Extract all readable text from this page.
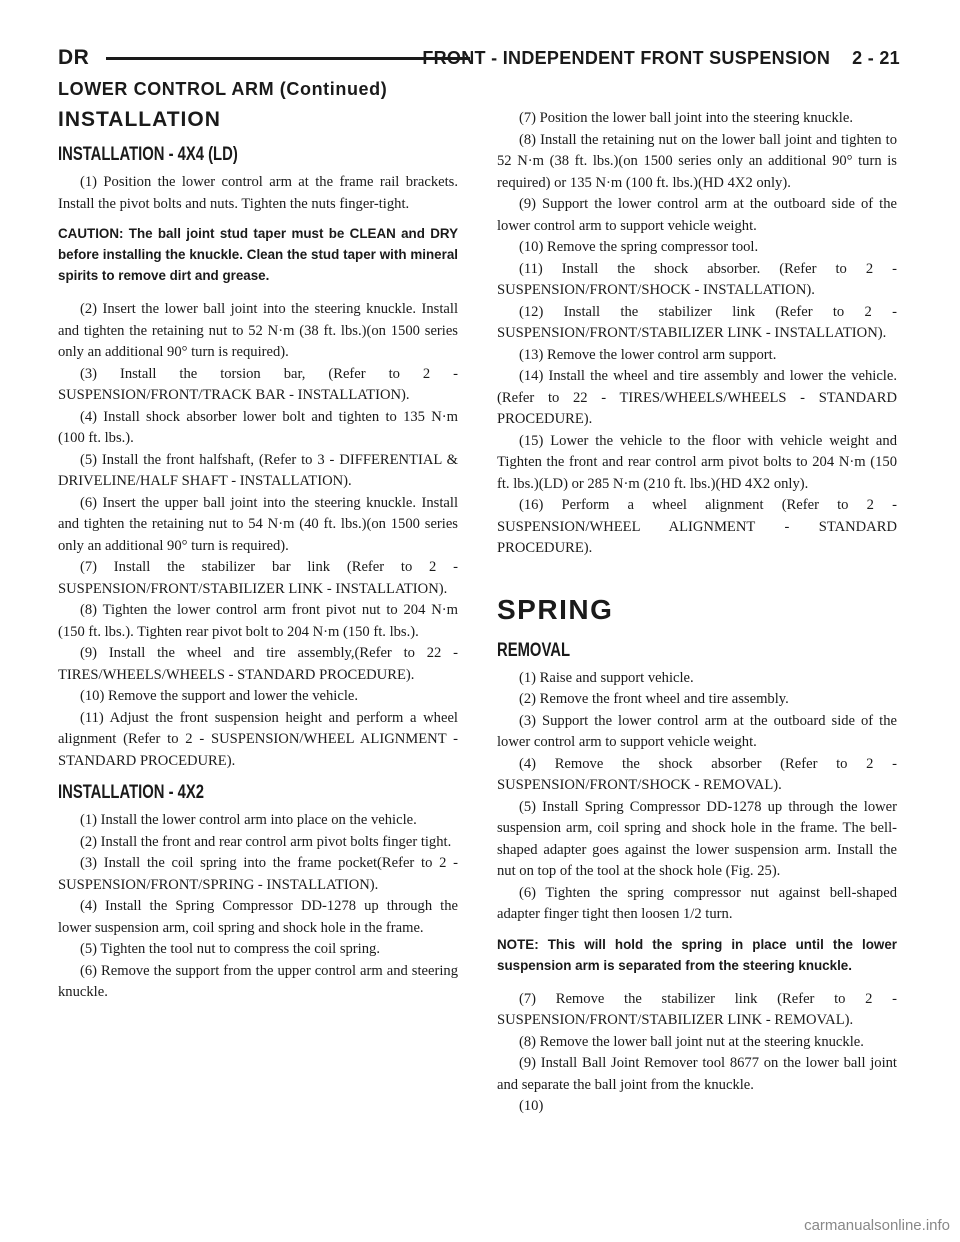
DR	FRONT - INDEPENDENT FRONT SUSPENSION 2 - 21
LOWER CONTROL ARM (Continued)
INSTALLATION
INSTALLATION - 4X4 (LD)

(1) Position the lower control arm at the frame rail brackets. Install the pivot bolts and nuts. Tighten the nuts finger-tight.

CAUTION: The ball joint stud taper must be CLEAN and DRY before installing the knuckle. Clean the stud taper with mineral spirits to remove dirt and grease.

(2) Insert the lower ball joint into the steering knuckle. Install and tighten the retaining nut to 52 N·m (38 ft. lbs.)(on 1500 series only an additional 90° turn is required).

(3) Install the torsion bar, (Refer to 2 - SUSPENSION/FRONT/TRACK BAR - INSTALLATION).

(4) Install shock absorber lower bolt and tighten to 135 N·m (100 ft. lbs.).

(5) Install the front halfshaft, (Refer to 3 - DIFFERENTIAL & DRIVELINE/HALF SHAFT - INSTALLATION).

(6) Insert the upper ball joint into the steering knuckle. Install and tighten the retaining nut to 54 N·m (40 ft. lbs.)(on 1500 series only an additional 90° turn is required).

(7) Install the stabilizer bar link (Refer to 2 - SUSPENSION/FRONT/STABILIZER LINK - INSTALLATION).

(8) Tighten the lower control arm front pivot nut to 204 N·m (150 ft. lbs.). Tighten rear pivot bolt to 204 N·m (150 ft. lbs.).

(9) Install the wheel and tire assembly,(Refer to 22 - TIRES/WHEELS/WHEELS - STANDARD PROCEDURE).

(10) Remove the support and lower the vehicle.

(11) Adjust the front suspension height and perform a wheel alignment (Refer to 2 - SUSPENSION/WHEEL ALIGNMENT - STANDARD PROCEDURE).

INSTALLATION - 4X2

(1) Install the lower control arm into place on the vehicle.

(2) Install the front and rear control arm pivot bolts finger tight.

(3) Install the coil spring into the frame pocket(Refer to 2 - SUSPENSION/FRONT/SPRING - INSTALLATION).

(4) Install the Spring Compressor DD-1278 up through the lower suspension arm, coil spring and shock hole in the frame.

(5) Tighten the tool nut to compress the coil spring.

(6) Remove the support from the upper control arm and steering knuckle.

(7) Position the lower ball joint into the steering knuckle.

(8) Install the retaining nut on the lower ball joint and tighten to 52 N·m (38 ft. lbs.)(on 1500 series only an additional 90° turn is required) or 135 N·m (100 ft. lbs.)(HD 4X2 only).

(9) Support the lower control arm at the outboard side of the lower control arm to support vehicle weight.

(10) Remove the spring compressor tool.

(11) Install the shock absorber. (Refer to 2 - SUSPENSION/FRONT/SHOCK - INSTALLATION).

(12) Install the stabilizer link (Refer to 2 - SUSPENSION/FRONT/STABILIZER LINK - INSTALLATION).

(13) Remove the lower control arm support.

(14) Install the wheel and tire assembly and lower the vehicle. (Refer to 22 - TIRES/WHEELS/WHEELS - STANDARD PROCEDURE).

(15) Lower the vehicle to the floor with vehicle weight and Tighten the front and rear control arm pivot bolts to 204 N·m (150 ft. lbs.)(LD) or 285 N·m (210 ft. lbs.)(HD 4X2 only).

(16) Perform a wheel alignment (Refer to 2 - SUSPENSION/WHEEL ALIGNMENT - STANDARD PROCEDURE).

SPRING
REMOVAL

(1) Raise and support vehicle.

(2) Remove the front wheel and tire assembly.

(3) Support the lower control arm at the outboard side of the lower control arm to support vehicle weight.

(4) Remove the shock absorber (Refer to 2 - SUSPENSION/FRONT/SHOCK - REMOVAL).

(5) Install Spring Compressor DD-1278 up through the lower suspension arm, coil spring and shock hole in the frame. The bell-shaped adapter goes against the lower suspension arm. Install the nut on top of the tool at the shock hole (Fig. 25).

(6) Tighten the spring compressor nut against bell-shaped adapter finger tight then loosen 1/2 turn.

NOTE: This will hold the spring in place until the lower suspension arm is separated from the steering knuckle.

(7) Remove the stabilizer link (Refer to 2 - SUSPENSION/FRONT/STABILIZER LINK - REMOVAL).

(8) Remove the lower ball joint nut at the steering knuckle.

(9) Install Ball Joint Remover tool 8677 on the lower ball joint and separate the ball joint from the knuckle.

(10)

carmanualsonline.info
